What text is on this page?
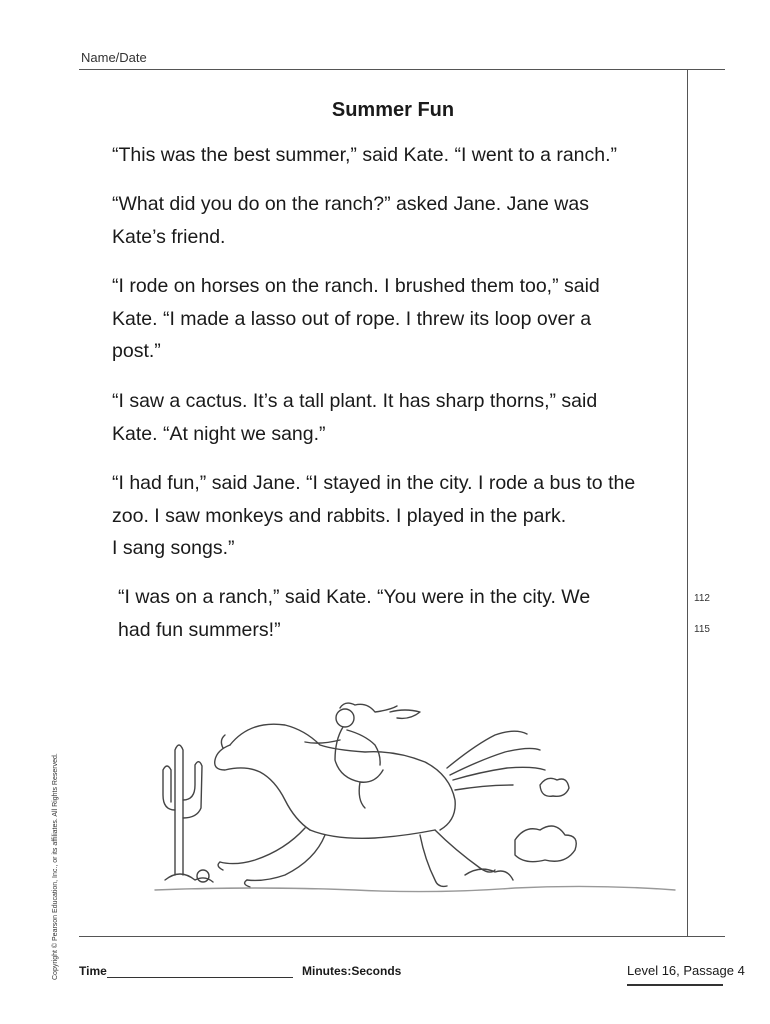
Name/Date
Summer Fun

“This was the best summer,” said Kate. “I went to a ranch.”

“What did you do on the ranch?” asked Jane. Jane was
Kate’s friend.

“I rode on horses on the ranch. I brushed them too,” said
Kate. “I made a lasso out of rope. I threw its loop over a
post.”

“I saw a cactus. It’s a tall plant. It has sharp thorns,” said
Kate. “At night we sang.”

“I had fun,” said Jane. “I stayed in the city. I rode a bus to the
zoo. I saw monkeys and rabbits. I played in the park.
I sang songs.”

“I was on a ranch,” said Kate. “You were in the city. We
had fun summers!”

112
115
Copyright © Pearson Education, Inc., or its affiliates. All Rights Reserved. Time	Minutes:Seconds	Level 16, Passage 4
